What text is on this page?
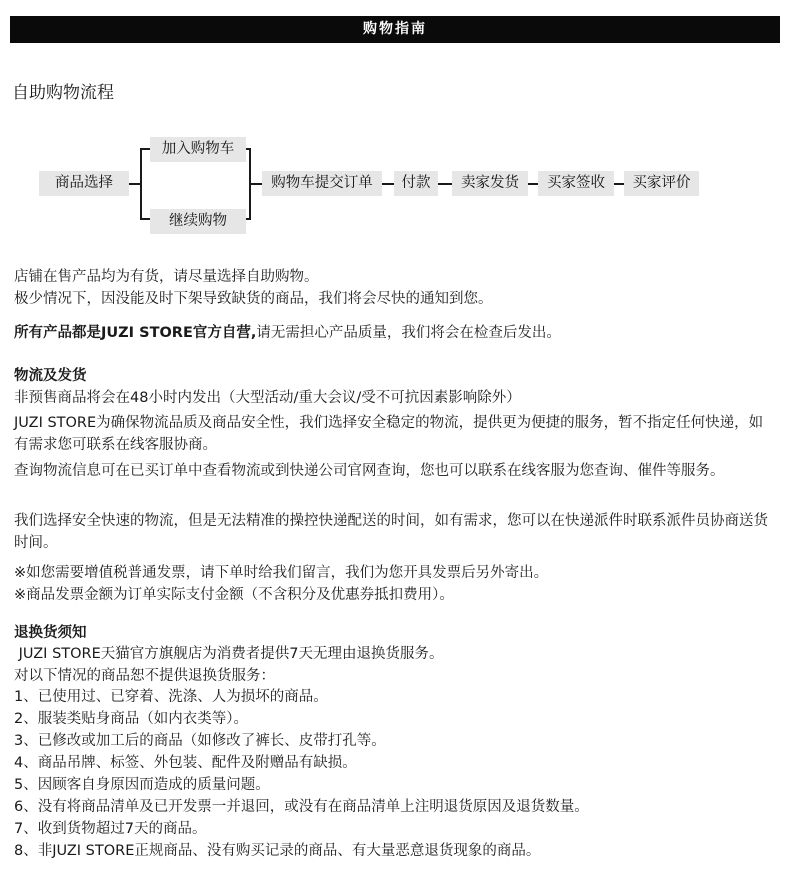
购物指南
自助购物流程
商品选择
加入购物车
继续购物
购物车提交订单	付款	卖家发货	买家签收	买家评价
店铺在售产品均为有货，请尽量选择自助购物。
极少情况下，因没能及时下架导致缺货的商品，我们将会尽快的通知到您。
所有产品都是JUZI STORE官方自营,请无需担心产品质量，我们将会在检查后发出。
物流及发货
非预售商品将会在48小时内发出（大型活动/重大会议/受不可抗因素影响除外）
JUZI STORE为确保物流品质及商品安全性，我们选择安全稳定的物流，提供更为便捷的服务，暂不指定任何快递，如有需求您可联系在线客服协商。
查询物流信息可在已买订单中查看物流或到快递公司官网查询，您也可以联系在线客服为您查询、催件等服务。
我们选择安全快速的物流，但是无法精准的操控快递配送的时间，如有需求，您可以在快递派件时联系派件员协商送货时间。
※如您需要增值税普通发票，请下单时给我们留言，我们为您开具发票后另外寄出。
※商品发票金额为订单实际支付金额（不含积分及优惠券抵扣费用）。
退换货须知
JUZI STORE天猫官方旗舰店为消费者提供7天无理由退换货服务。
对以下情况的商品恕不提供退换货服务：
1、已使用过、已穿着、洗涤、人为损坏的商品。
2、服装类贴身商品（如内衣类等）。
3、已修改或加工后的商品（如修改了裤长、皮带打孔等。
4、商品吊牌、标签、外包装、配件及附赠品有缺损。
5、因顾客自身原因而造成的质量问题。
6、没有将商品清单及已开发票一并退回，或没有在商品清单上注明退货原因及退货数量。
7、收到货物超过7天的商品。
8、非JUZI STORE正规商品、没有购买记录的商品、有大量恶意退货现象的商品。
